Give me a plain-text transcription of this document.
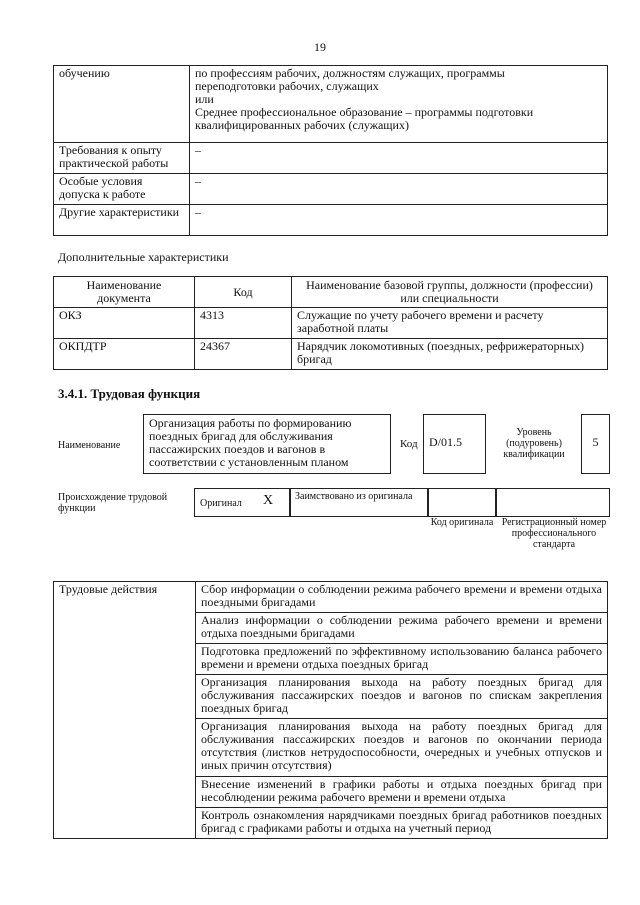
19
обучению	по профессиям рабочих, должностям служащих, программы
переподготовки рабочих, служащих
или
Среднее профессиональное образование – программы подготовки
квалифицированных рабочих (служащих)

Требования к опыту практической работы	–
Особые условия допуска к работе	–
Другие характеристики	–
Дополнительные характеристики
Наименование документа	Код	Наименование базовой группы, должности (профессии) или специальности
ОКЗ	4313	Служащие по учету рабочего времени и расчету заработной платы
ОКПДТР	24367	Нарядчик локомотивных (поездных, рефрижераторных) бригад
3.4.1. Трудовая функция
Наименование
Организация работы по формированию поездных бригад для обслуживания пассажирских поездов и вагонов в соответствии с установленным планом
Код D/01.5
Уровень (подуровень) квалификации
5
Происхождение трудовой функции	Оригинал X Заимствовано из оригинала
Код оригинала Регистрационный номер профессионального стандарта
Трудовые действия	Сбор информации о соблюдении режима рабочего времени и времени отдыха поездными бригадами
Анализ информации о соблюдении режима рабочего времени и времени отдыха поездными бригадами
Подготовка предложений по эффективному использованию баланса рабочего времени и времени отдыха поездных бригад
Организация планирования выхода на работу поездных бригад для обслуживания пассажирских поездов и вагонов по спискам закрепления поездных бригад
Организация планирования выхода на работу поездных бригад для обслуживания пассажирских поездов и вагонов по окончании периода отсутствия (листков нетрудоспособности, очередных и учебных отпусков и иных причин отсутствия)
Внесение изменений в графики работы и отдыха поездных бригад при несоблюдении режима рабочего времени и времени отдыха
Контроль ознакомления нарядчиками поездных бригад работников поездных бригад с графиками работы и отдыха на учетный период
